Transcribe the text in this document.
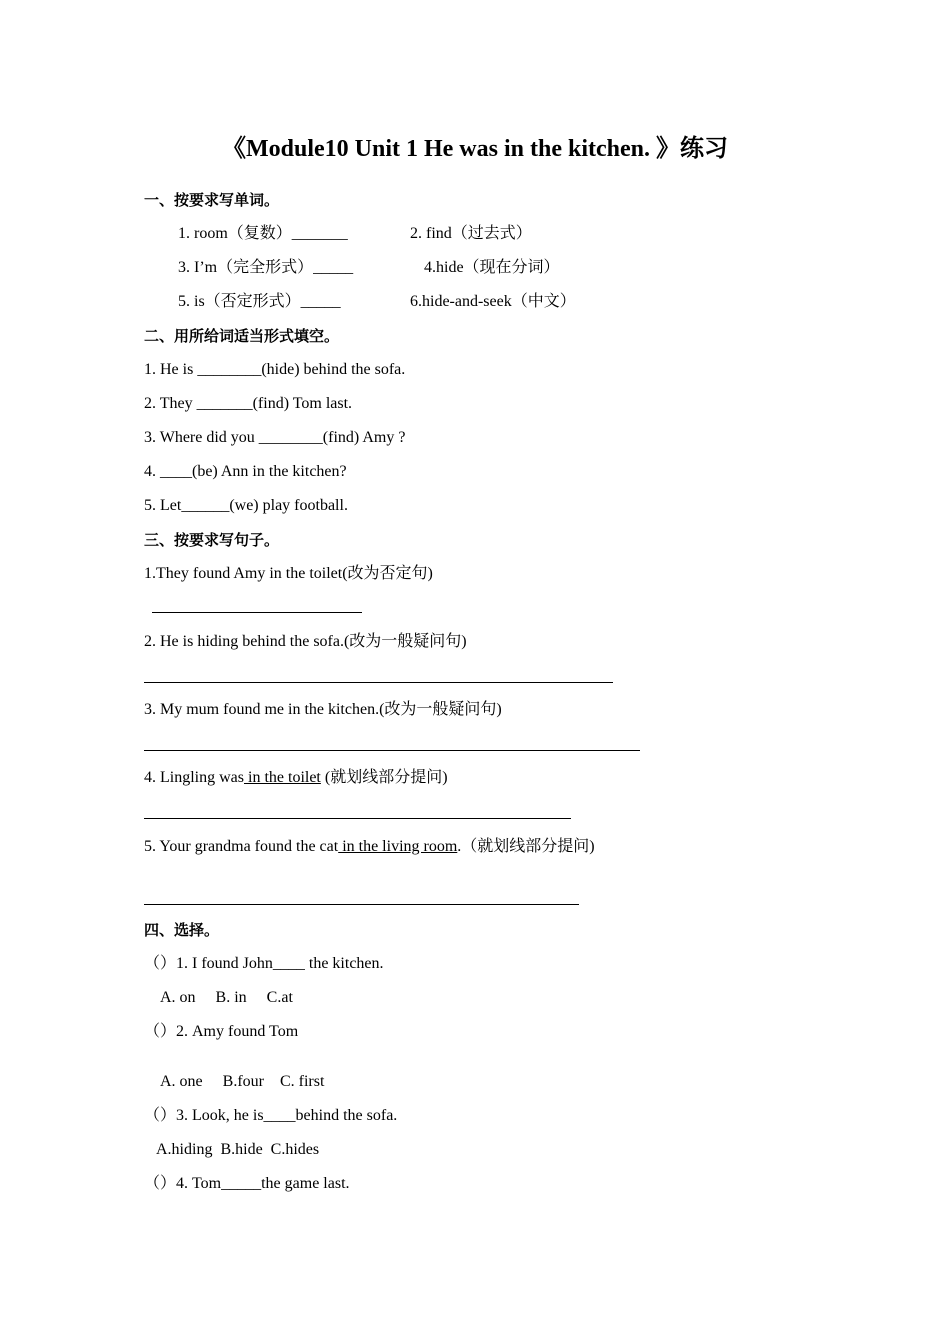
《Module10 Unit 1 He was in the kitchen. 》练习
一、按要求写单词。
1. room（复数）_______	2. find（过去式）
3. I’m（完全形式）_____	4.hide（现在分词）
5. is（否定形式）_____	6.hide-and-seek（中文）
二、用所给词适当形式填空。
1. He is ________(hide) behind the sofa.
2. They _______(find) Tom last.
3. Where did you ________(find) Amy ?
4. ____(be) Ann in the kitchen?
5. Let______(we) play football.
三、按要求写句子。
1.They found Amy in the toilet(改为否定句)
2. He is hiding behind the sofa.(改为一般疑问句)
3. My mum found me in the kitchen.(改为一般疑问句)
4. Lingling was in the toilet (就划线部分提问)
5. Your grandma found the cat in the living room.（就划线部分提问)
四、选择。
（）1. I found John____ the kitchen.
A. on     B. in     C.at
（）2. Amy found Tom
A. one     B.four    C. first
（）3. Look, he is____behind the sofa.
A.hiding  B.hide  C.hides
（）4. Tom_____the game last.
